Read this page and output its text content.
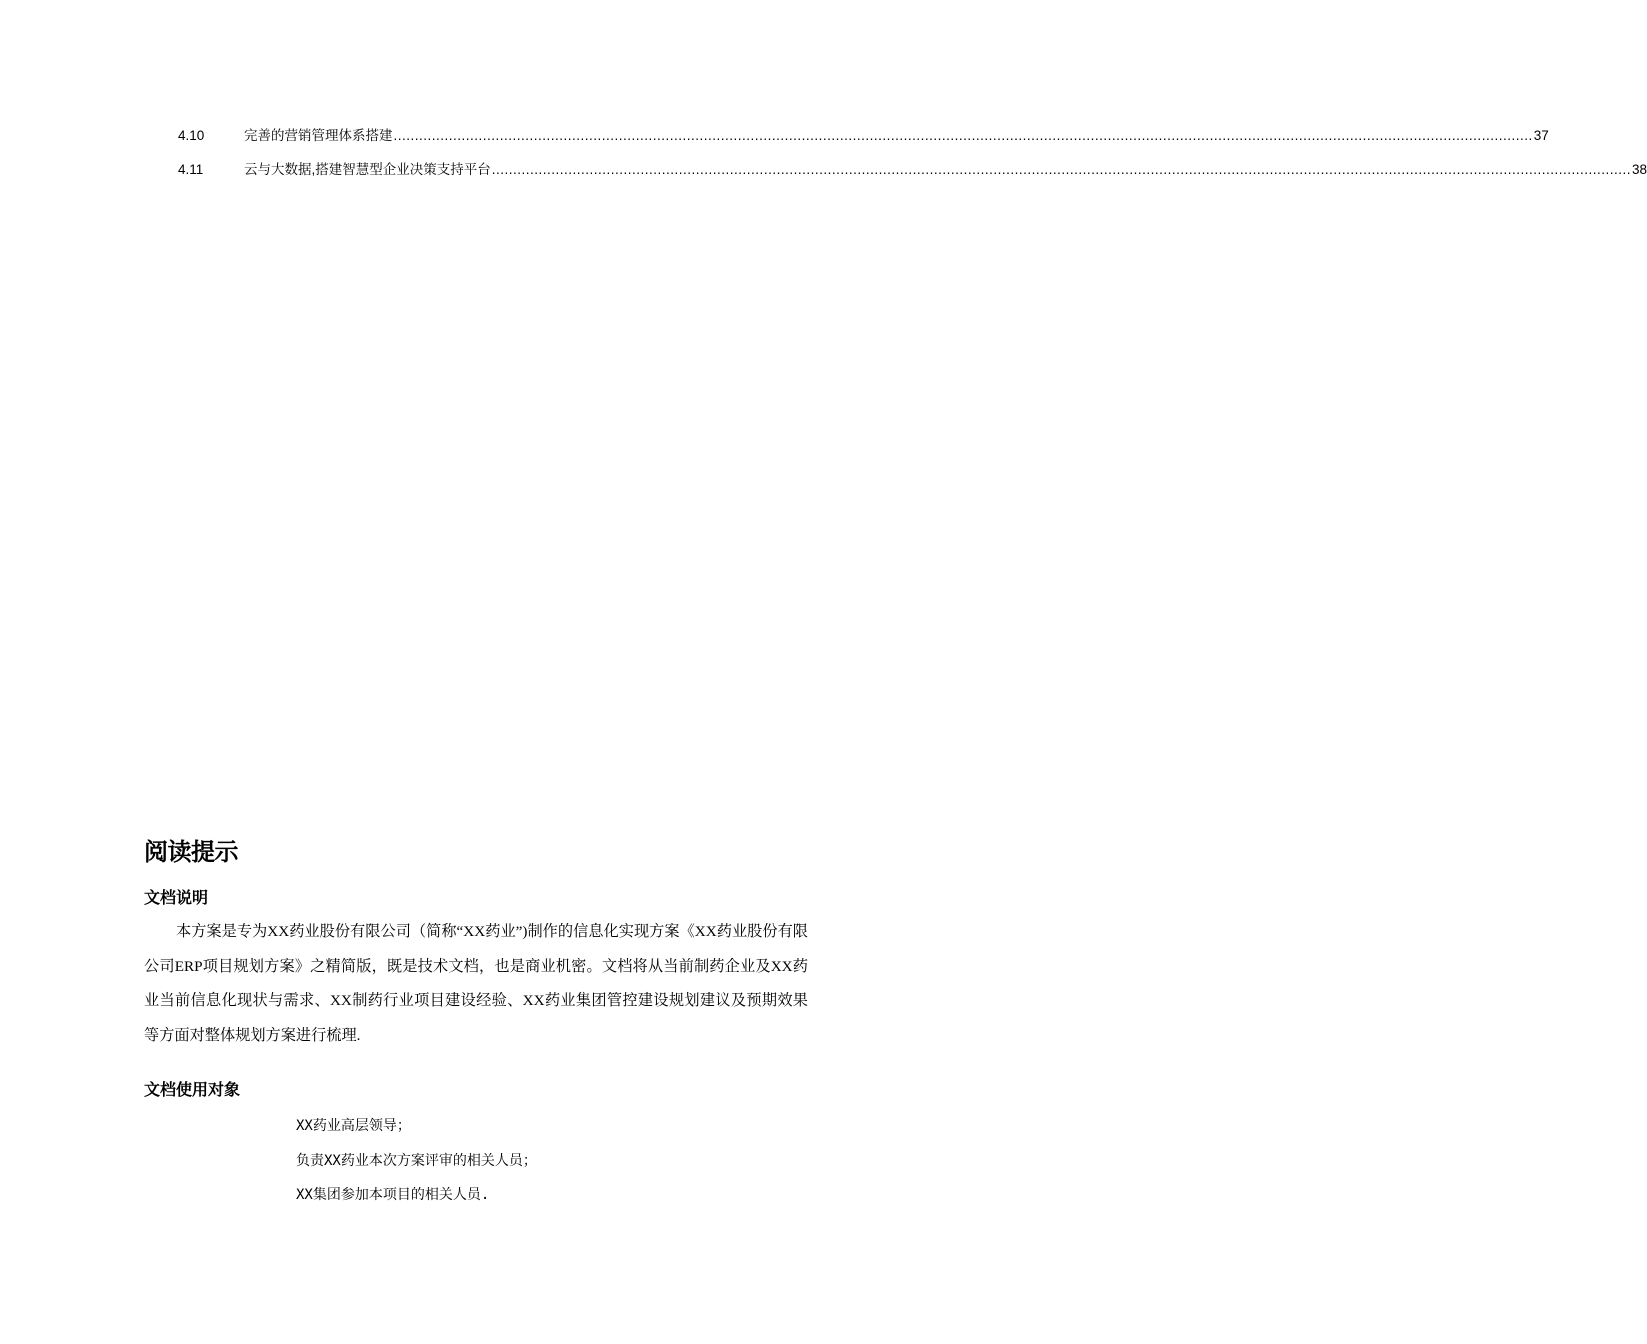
4.10	完善的营销管理体系搭建 ............................................................................................................................................................................................................................................................................ 37
4.11	云与大数据,搭建智慧型企业决策支持平台 ............................................................................................................................................................................................................................................................................ 38
阅读提示
文档说明

本方案是专为XX药业股份有限公司（简称“XX药业”)制作的信息化实现方案《XX药业股份有限公司ERP项目规划方案》之精简版，既是技术文档，也是商业机密。文档将从当前制药企业及XX药业当前信息化现状与需求、XX制药行业项目建设经验、XX药业集团管控建设规划建议及预期效果等方面对整体规划方案进行梳理.

文档使用对象
XX药业高层领导；
负责XX药业本次方案评审的相关人员；
XX集团参加本项目的相关人员.
